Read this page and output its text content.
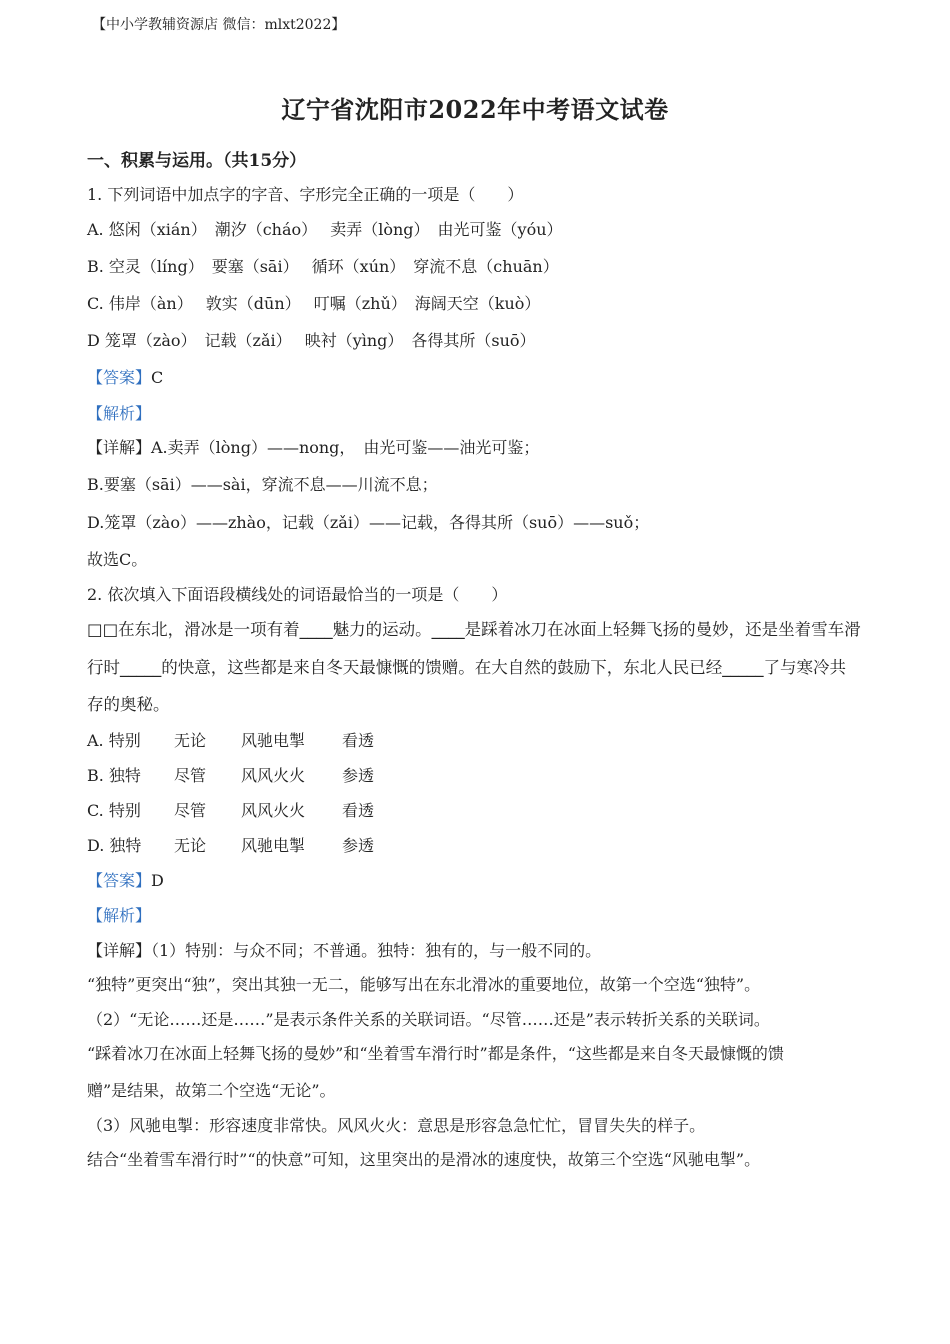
【中小学教辅资源店 微信：mlxt2022】
辽宁省沈阳市2022年中考语文试卷
一、积累与运用。（共15分）
1. 下列词语中加点字的字音、字形完全正确的一项是（　　）
A. 悠闲（xián）　潮汐（cháo）　 卖弄（lòng）　由光可鉴（yóu）
B. 空灵（líng）　要塞（sāi）　 循环（xún）　穿流不息（chuān）
C. 伟岸（àn）　 敦实（dūn）　 叮嘱（zhǔ）　海阔天空（kuò）
D 笼罩（zào）　记载（zǎi）　 映衬（yìng）　各得其所（suō）
【答案】C
【解析】
【详解】A.卖弄（lòng）——nong，　由光可鉴——油光可鉴；
B.要塞（sāi）——sài，穿流不息——川流不息；
D.笼罩（zào）——zhào，记载（zǎi）——记载，各得其所（suō）——suǒ；
故选C。
2. 依次填入下面语段横线处的词语最恰当的一项是（　　）
□□在东北，滑冰是一项有着____魅力的运动。____是踩着冰刀在冰面上轻舞飞扬的曼妙，还是坐着雪车滑
行时_____的快意，这些都是来自冬天最慷慨的馈赠。在大自然的鼓励下，东北人民已经_____了与寒冷共
存的奥秘。
A. 特别 无论 风驰电掣 看透
B. 独特 尽管 风风火火 参透
C. 特别 尽管 风风火火 看透
D. 独特 无论 风驰电掣 参透
【答案】D
【解析】
【详解】（1）特别：与众不同；不普通。独特：独有的，与一般不同的。
“独特”更突出“独”，突出其独一无二，能够写出在东北滑冰的重要地位，故第一个空选“独特”。
（2）“无论……还是……”是表示条件关系的关联词语。“尽管……还是”表示转折关系的关联词。
“踩着冰刀在冰面上轻舞飞扬的曼妙”和“坐着雪车滑行时”都是条件，“这些都是来自冬天最慷慨的馈
赠”是结果，故第二个空选“无论”。
（3）风驰电掣：形容速度非常快。风风火火：意思是形容急急忙忙，冒冒失失的样子。
结合“坐着雪车滑行时”“的快意”可知，这里突出的是滑冰的速度快，故第三个空选“风驰电掣”。
